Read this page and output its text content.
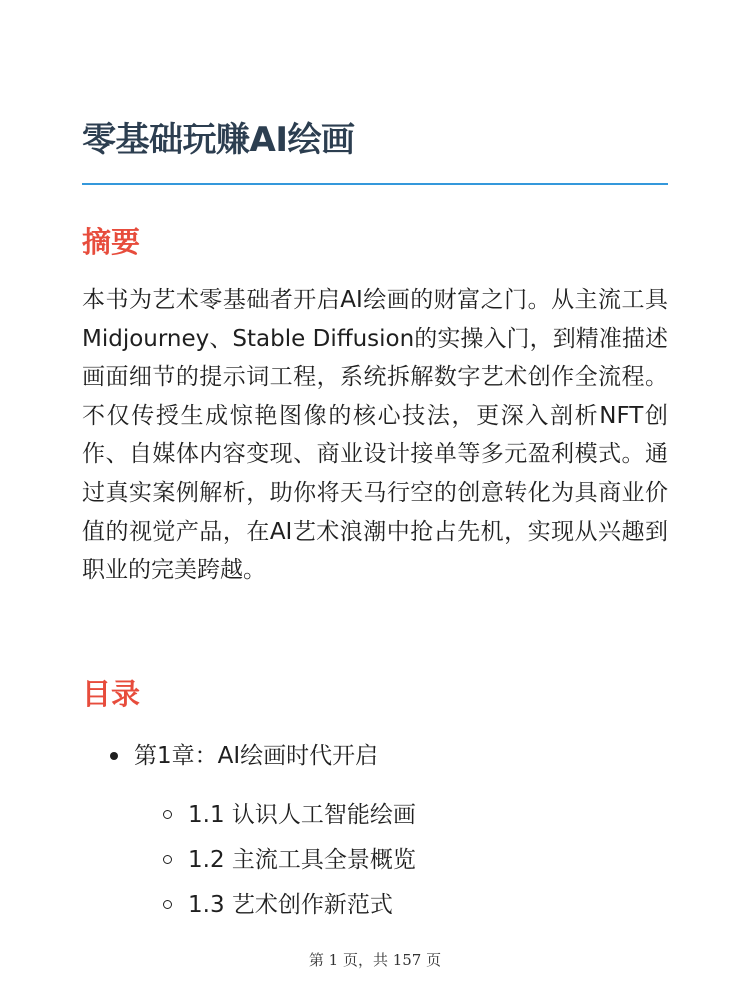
零基础玩赚AI绘画
摘要

本书为艺术零基础者开启AI绘画的财富之门。从主流工具Midjourney、Stable Diffusion的实操入门，到精准描述画面细节的提示词工程，系统拆解数字艺术创作全流程。不仅传授生成惊艳图像的核心技法，更深入剖析NFT创作、自媒体内容变现、商业设计接单等多元盈利模式。通过真实案例解析，助你将天马行空的创意转化为具商业价值的视觉产品，在AI艺术浪潮中抢占先机，实现从兴趣到职业的完美跨越。

目录
第1章：AI绘画时代开启
1.1 认识人工智能绘画
1.2 主流工具全景概览
1.3 艺术创作新范式
第 1 页，共 157 页
